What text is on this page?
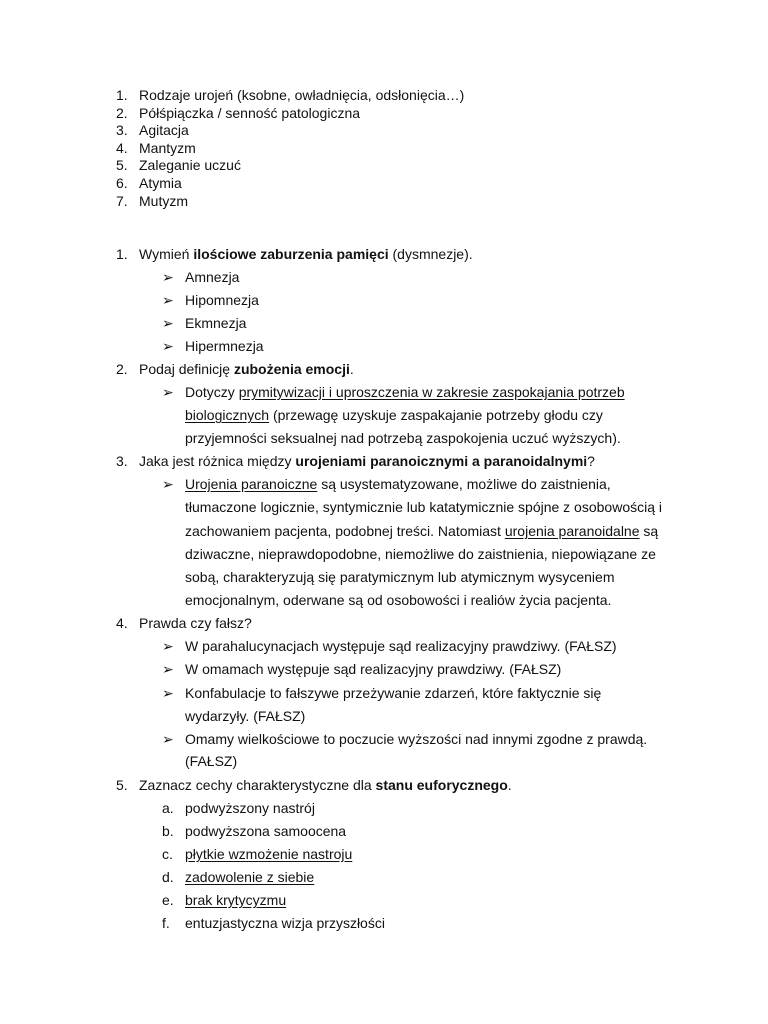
1. Rodzaje urojeń (ksobne, owładnięcia, odsłonięcia…)
2. Półśpiączka / senność patologiczna
3. Agitacja
4. Mantyzm
5. Zaleganie uczuć
6. Atymia
7. Mutyzm
1. Wymień ilościowe zaburzenia pamięci (dysmnezje).
➢ Amnezja
➢ Hipomnezja
➢ Ekmnezja
➢ Hipermnezja
2. Podaj definicję zubożenia emocji.
➢ Dotyczy prymitywizacji i uproszczenia w zakresie zaspokajania potrzeb
biologicznych (przewagę uzyskuje zaspakajanie potrzeby głodu czy
przyjemności seksualnej nad potrzebą zaspokojenia uczuć wyższych).
3. Jaka jest różnica między urojeniami paranoicznymi a paranoidalnymi?
➢ Urojenia paranoiczne są usystematyzowane, możliwe do zaistnienia,
tłumaczone logicznie, syntymicznie lub katatymicznie spójne z osobowością i
zachowaniem pacjenta, podobnej treści. Natomiast urojenia paranoidalne są
dziwaczne, nieprawdopodobne, niemożliwe do zaistnienia, niepowiązane ze
sobą, charakteryzują się paratymicznym lub atymicznym wysyceniem
emocjonalnym, oderwane są od osobowości i realiów życia pacjenta.
4. Prawda czy fałsz?
➢ W parahalucynacjach występuje sąd realizacyjny prawdziwy. (FAŁSZ)
➢ W omamach występuje sąd realizacyjny prawdziwy. (FAŁSZ)
➢ Konfabulacje to fałszywe przeżywanie zdarzeń, które faktycznie się
wydarzyły. (FAŁSZ)
➢ Omamy wielkościowe to poczucie wyższości nad innymi zgodne z prawdą.
(FAŁSZ)
5. Zaznacz cechy charakterystyczne dla stanu euforycznego.
a. podwyższony nastrój
b. podwyższona samoocena
c. płytkie wzmożenie nastroju
d. zadowolenie z siebie
e. brak krytycyzmu
f.	entuzjastyczna wizja przyszłości
